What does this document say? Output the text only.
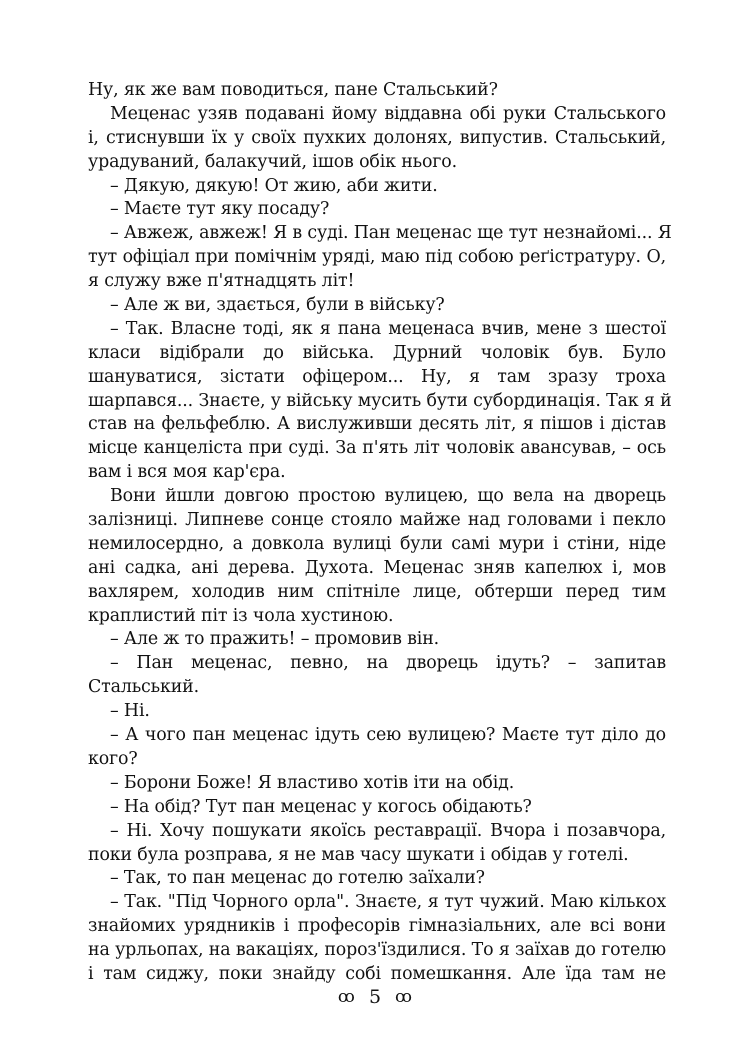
Ну, як же вам поводиться, пане Стальський?
Меценас узяв подавані йому віддавна обі руки Стальського
і, стиснувши їх у своїх пухких долонях, випустив. Стальський,
урадуваний, балакучий, ішов обік нього.
– Дякую, дякую! От жию, аби жити.
– Маєте тут яку посаду?
– Авжеж, авжеж! Я в суді. Пан меценас ще тут незнайомі... Я
тут офіціал при помічнім уряді, маю під собою реґістратуру. О,
я служу вже п'ятнадцять літ!
– Але ж ви, здається, були в війську?
– Так. Власне тоді, як я пана меценаса вчив, мене з шестої
класи відібрали до війська. Дурний чоловік був. Було
шануватися, зістати офіцером... Ну, я там зразу троха
шарпався... Знаєте, у війську мусить бути субординація. Так я й
став на фельфеблю. А вислуживши десять літ, я пішов і дістав
місце канцеліста при суді. За п'ять літ чоловік авансував, – ось
вам і вся моя кар'єра.
Вони йшли довгою простою вулицею, що вела на дворець
залізниці. Липневе сонце стояло майже над головами і пекло
немилосердно, а довкола вулиці були самі мури і стіни, ніде
ані садка, ані дерева. Духота. Меценас зняв капелюх і, мов
вахлярем, холодив ним спітніле лице, обтерши перед тим
краплистий піт із чола хустиною.
– Але ж то пражить! – промовив він.
– Пан меценас, певно, на дворець ідуть? – запитав
Стальський.
– Ні.
– А чого пан меценас ідуть сею вулицею? Маєте тут діло до
кого?
– Борони Боже! Я властиво хотів іти на обід.
– На обід? Тут пан меценас у когось обідають?
– Ні. Хочу пошукати якоїсь реставрації. Вчора і позавчора,
поки була розправа, я не мав часу шукати і обідав у готелі.
– Так, то пан меценас до готелю заїхали?
– Так. "Під Чорного орла". Знаєте, я тут чужий. Маю кількох
знайомих урядників і професорів гімназіальних, але всі вони
на урльопах, на вакаціях, пороз'їздилися. То я заїхав до готелю
і там сиджу, поки знайду собі помешкання. Але їда там не
ꝏ 5 ꝏ
